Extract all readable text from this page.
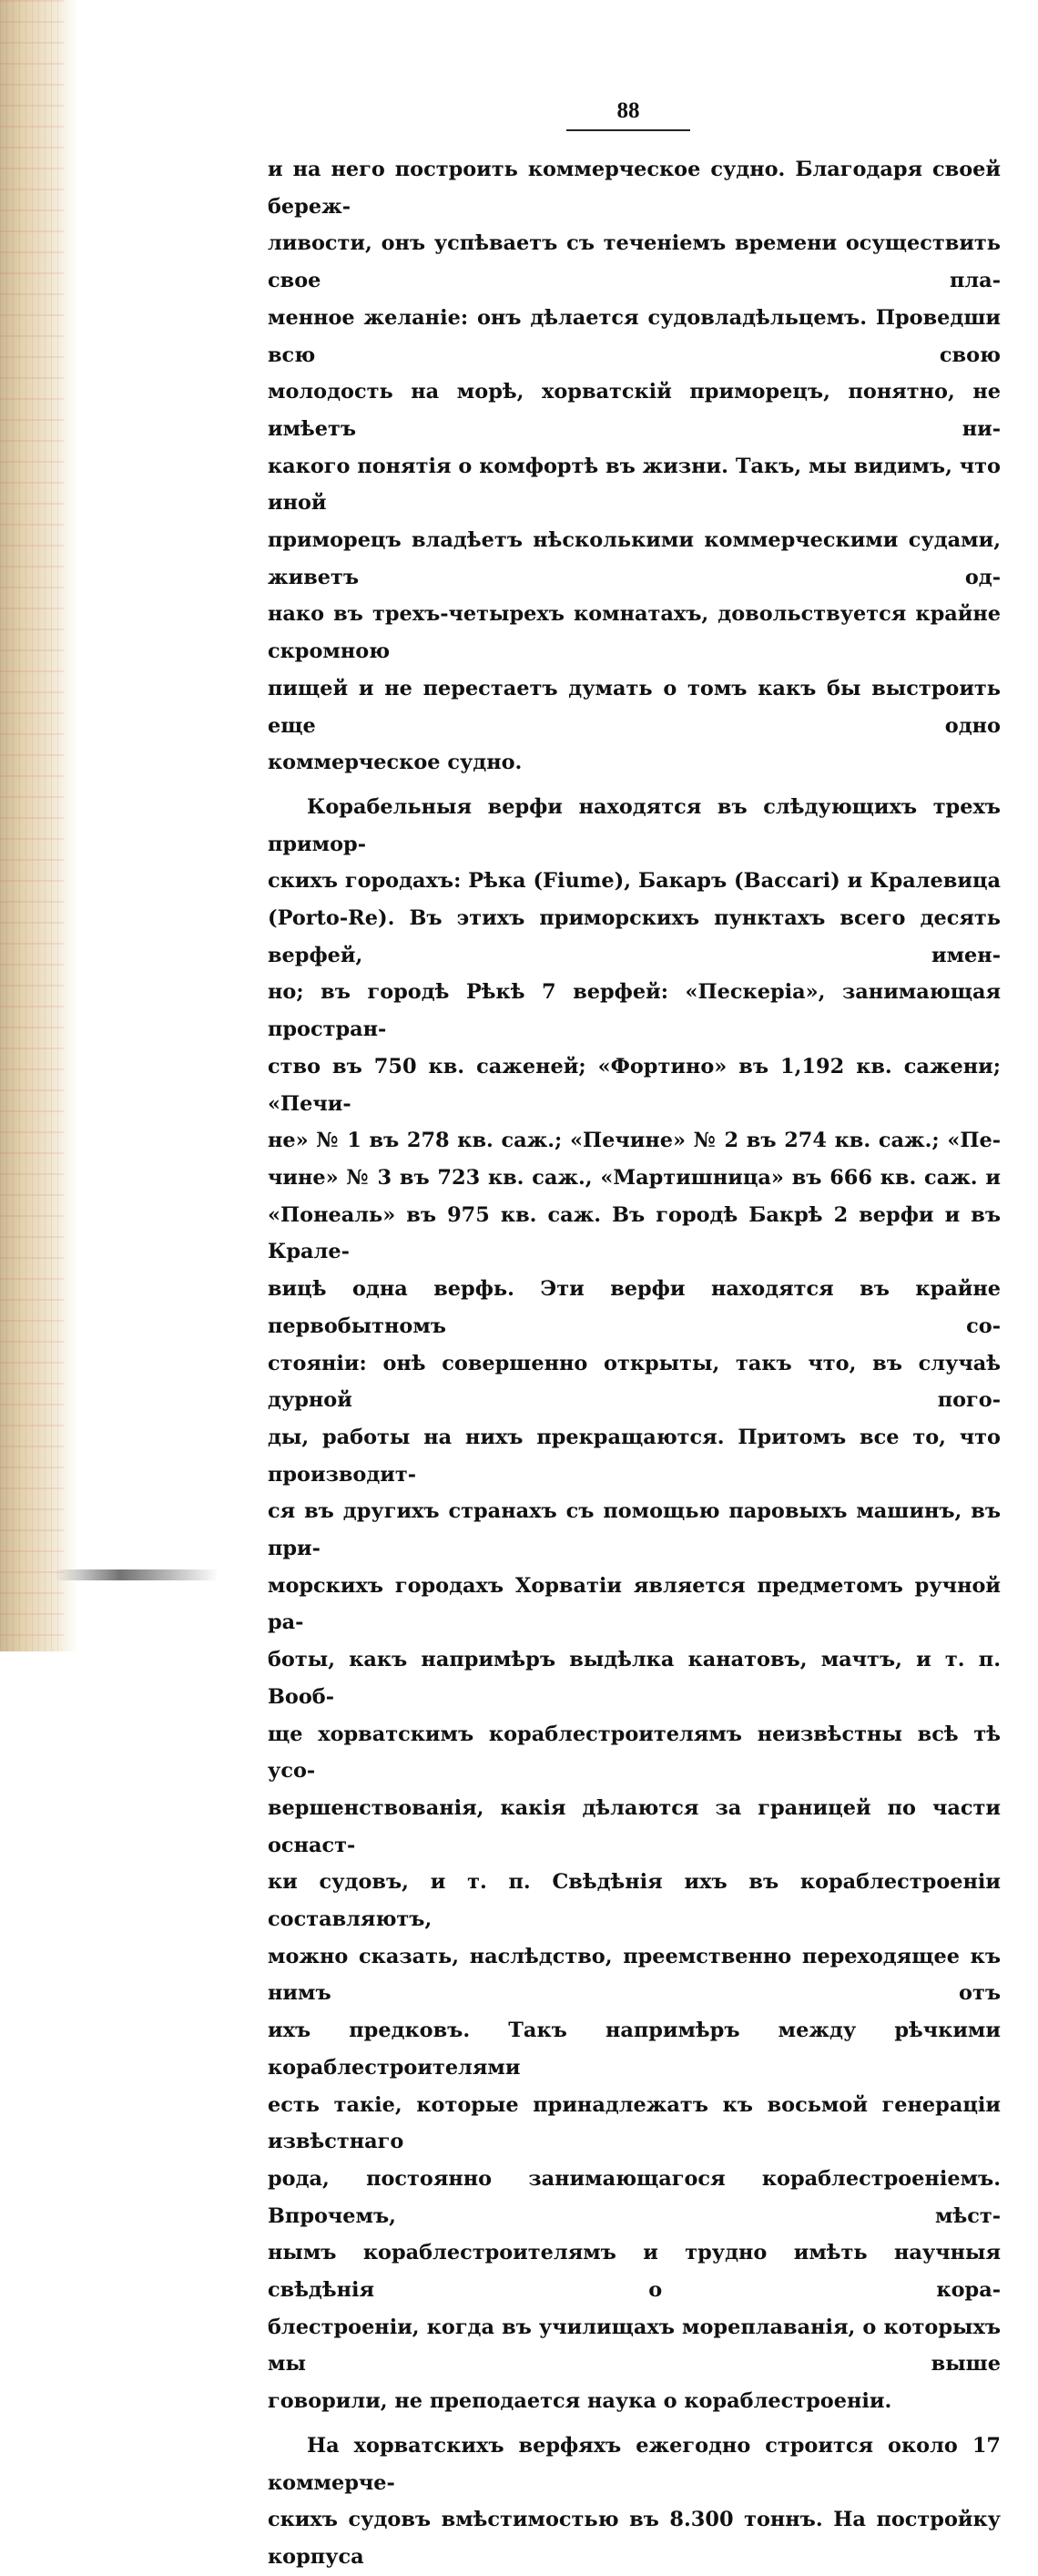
88
и на него построить коммерческое судно. Благодаря своей береж-
ливости, онъ успѣваетъ съ теченіемъ времени осуществить свое пла-
менное желаніе: онъ дѣлается судовладѣльцемъ. Проведши всю свою
молодость на морѣ, хорватскій приморецъ, понятно, не имѣетъ ни-
какого понятія о комфортѣ въ жизни. Такъ, мы видимъ, что иной
приморецъ владѣетъ нѣсколькими коммерческими судами, живетъ од-
нако въ трехъ-четырехъ комнатахъ, довольствуется крайне скромною
пищей и не перестаетъ думать о томъ какъ бы выстроить еще одно
коммерческое судно.
Корабельныя верфи находятся въ слѣдующихъ трехъ примор-
скихъ городахъ: Рѣка (Fiume), Бакаръ (Baccari) и Кралевица
(Porto-Re). Въ этихъ приморскихъ пунктахъ всего десять верфей, имен-
но; въ городѣ Рѣкѣ 7 верфей: «Пескеріа», занимающая простран-
ство въ 750 кв. саженей; «Фортино» въ 1,192 кв. сажени; «Печи-
не» № 1 въ 278 кв. саж.; «Печине» № 2 въ 274 кв. саж.; «Пе-
чине» № 3 въ 723 кв. саж., «Мартишница» въ 666 кв. саж. и
«Понеаль» въ 975 кв. саж. Въ городѣ Бакрѣ 2 верфи и въ Крале-
вицѣ одна верфь. Эти верфи находятся въ крайне первобытномъ со-
стояніи: онѣ совершенно открыты, такъ что, въ случаѣ дурной пого-
ды, работы на нихъ прекращаются. Притомъ все то, что производит-
ся въ другихъ странахъ съ помощью паровыхъ машинъ, въ при-
морскихъ городахъ Хорватіи является предметомъ ручной ра-
боты, какъ напримѣръ выдѣлка канатовъ, мачтъ, и т. п. Вооб-
ще хорватскимъ кораблестроителямъ неизвѣстны всѣ тѣ усо-
вершенствованія, какія дѣлаются за границей по части оснаст-
ки судовъ, и т. п. Свѣдѣнія ихъ въ кораблестроеніи составляютъ,
можно сказать, наслѣдство, преемственно переходящее къ нимъ отъ
ихъ предковъ. Такъ напримѣръ между рѣчкими кораблестроителями
есть такіе, которые принадлежатъ къ восьмой генераціи извѣстнаго
рода, постоянно занимающагося кораблестроеніемъ. Впрочемъ, мѣст-
нымъ кораблестроителямъ и трудно имѣть научныя свѣдѣнія о кора-
блестроеніи, когда въ училищахъ мореплаванія, о которыхъ мы выше
говорили, не преподается наука о кораблестроеніи.
На хорватскихъ верфяхъ ежегодно строится около 17 коммерче-
скихъ судовъ вмѣстимостью въ 8.300 тоннъ. На постройку корпуса
